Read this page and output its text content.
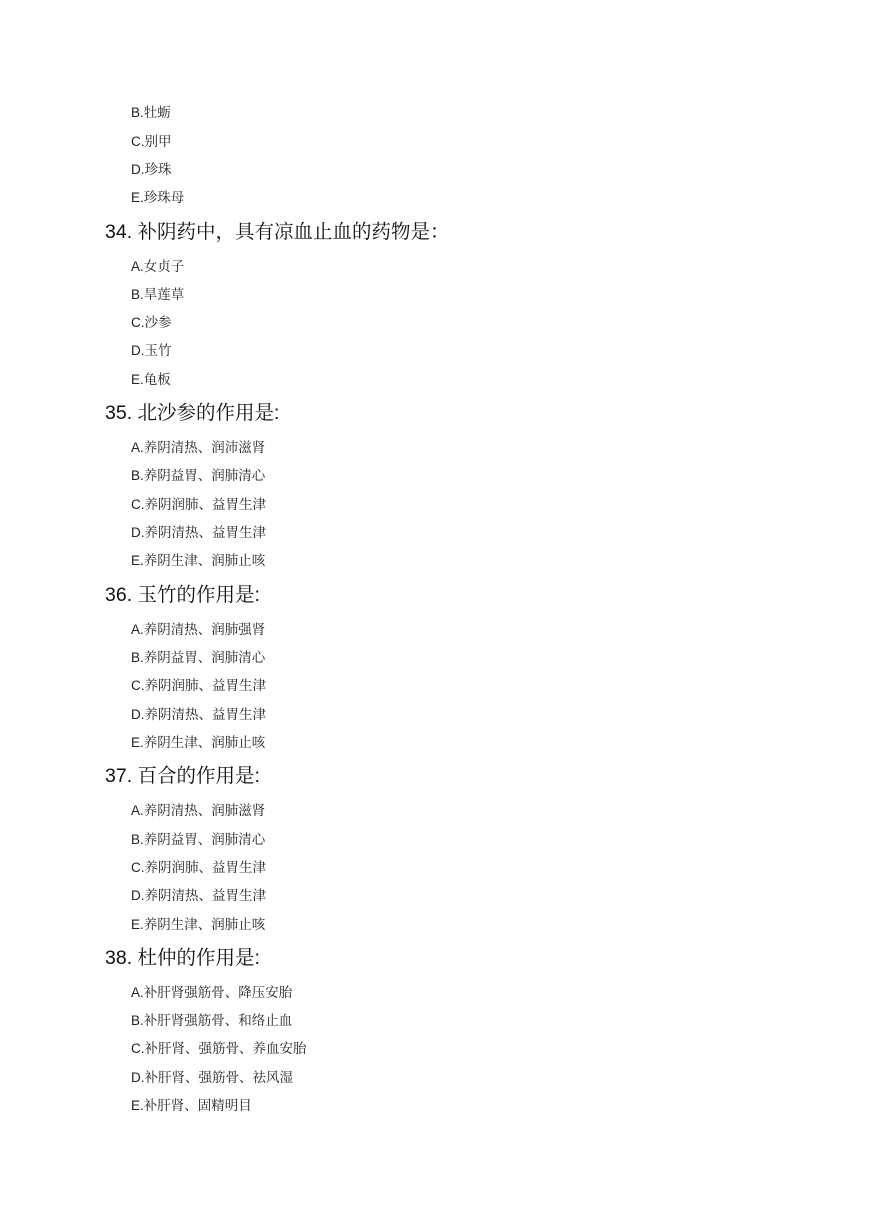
B.牡蛎
C.别甲
D.珍珠
E.珍珠母
34. 补阴药中，具有凉血止血的药物是：
A.女贞子
B.旱莲草
C.沙参
D.玉竹
E.龟板
35. 北沙参的作用是:
A.养阴清热、润沛滋肾
B.养阴益胃、润肺清心
C.养阴润肺、益胃生津
D.养阴清热、益胃生津
E.养阴生津、润肺止咳
36. 玉竹的作用是:
A.养阴清热、润肺强肾
B.养阴益胃、润肺清心
C.养阴润肺、益胃生津
D.养阴清热、益胃生津
E.养阴生津、润肺止咳
37. 百合的作用是:
A.养阴清热、润肺滋肾
B.养阴益胃、润肺清心
C.养阴润肺、益胃生津
D.养阴清热、益胃生津
E.养阴生津、润肺止咳
38. 杜仲的作用是:
A.补肝肾强筋骨、降压安胎
B.补肝肾强筋骨、和络止血
C.补肝肾、强筋骨、养血安胎
D.补肝肾、强筋骨、祛风湿
E.补肝肾、固精明目
